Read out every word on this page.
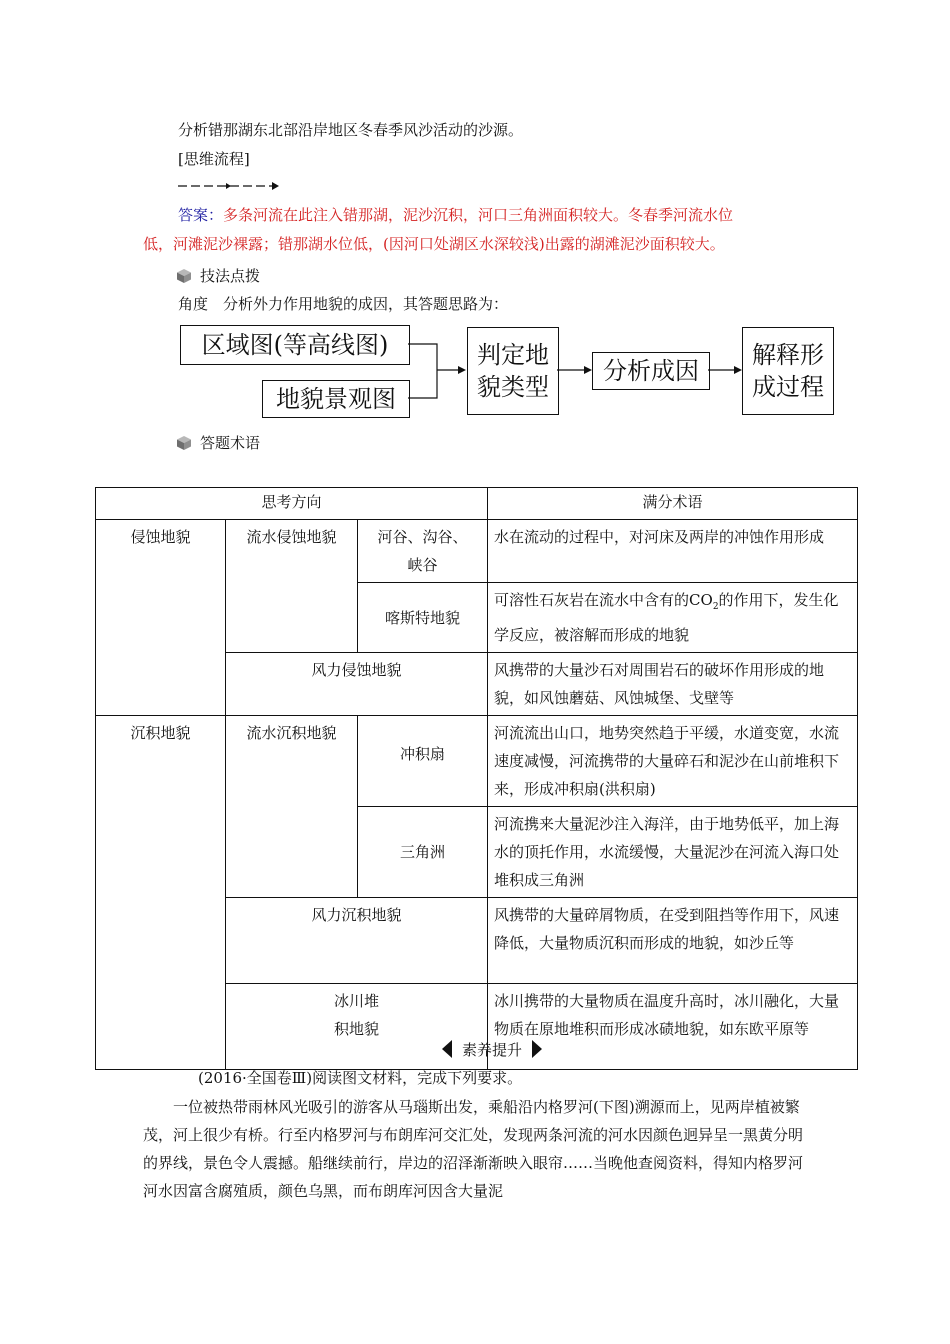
分析错那湖东北部沿岸地区冬春季风沙活动的沙源。
[思维流程]
答案：多条河流在此注入错那湖，泥沙沉积，河口三角洲面积较大。冬春季河流水位
低，河滩泥沙裸露；错那湖水位低，(因河口处湖区水深较浅)出露的湖滩泥沙面积较大。
技法点拨
角度　分析外力作用地貌的成因，其答题思路为：
区域图(等高线图)
地貌景观图
判定地
貌类型
分析成因
解释形
成过程
答题术语
思考方向			满分术语
侵蚀地貌	流水侵蚀地貌	河谷、沟谷、
峡谷	水在流动的过程中，对河床及两岸的冲蚀作用形成
		喀斯特地貌	可溶性石灰岩在流水中含有的$CO_2$的作用下，发生化学反应，被溶解而形成的地貌
	风力侵蚀地貌		风携带的大量沙石对周围岩石的破坏作用形成的地貌，如风蚀蘑菇、风蚀城堡、戈壁等
沉积地貌	流水沉积地貌	冲积扇	河流流出山口，地势突然趋于平缓，水道变宽，水流速度减慢，河流携带的大量碎石和泥沙在山前堆积下来，形成冲积扇(洪积扇)
		三角洲	河流携来大量泥沙注入海洋，由于地势低平，加上海水的顶托作用，水流缓慢，大量泥沙在河流入海口处堆积成三角洲
	风力沉积地貌		风携带的大量碎屑物质，在受到阻挡等作用下，风速降低，大量物质沉积而形成的地貌，如沙丘等

	冰川堆
积地貌		冰川携带的大量物质在温度升高时，冰川融化，大量物质在原地堆积而形成冰碛地貌，如东欧平原等
素养提升
(2016·全国卷Ⅲ)阅读图文材料，完成下列要求。
一位被热带雨林风光吸引的游客从马瑙斯出发，乘船沿内格罗河(下图)溯源而上，见两岸植被繁茂，河上很少有桥。行至内格罗河与布朗库河交汇处，发现两条河流的河水因颜色迥异呈一黑黄分明的界线，景色令人震撼。船继续前行，岸边的沼泽渐渐映入眼帘……当晚他查阅资料，得知内格罗河河水因富含腐殖质，颜色乌黑，而布朗库河因含大量泥
